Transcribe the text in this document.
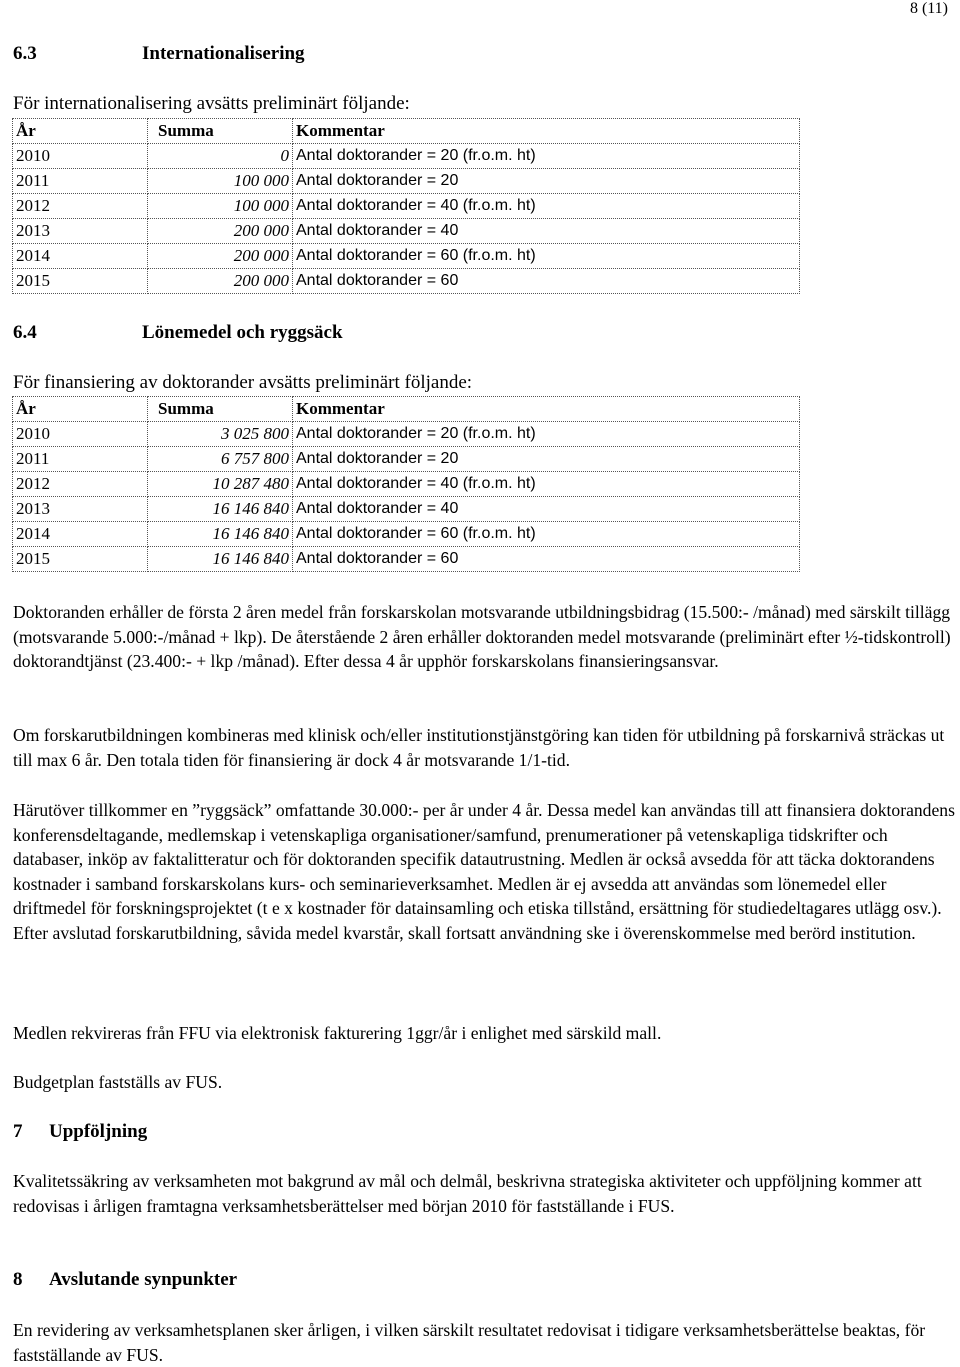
8 (11)
6.3	Internationalisering
För internationalisering avsätts preliminärt följande:
År	Summa	Kommentar
2010	0	Antal doktorander = 20 (fr.o.m. ht)
2011	100 000	Antal doktorander = 20
2012	100 000	Antal doktorander = 40 (fr.o.m. ht)
2013	200 000	Antal doktorander = 40
2014	200 000	Antal doktorander = 60 (fr.o.m. ht)
2015	200 000	Antal doktorander = 60
6.4	Lönemedel och ryggsäck
För finansiering av doktorander avsätts preliminärt följande:
År	Summa	Kommentar
2010	3 025 800	Antal doktorander = 20 (fr.o.m. ht)
2011	6 757 800	Antal doktorander = 20
2012	10 287 480	Antal doktorander = 40 (fr.o.m. ht)
2013	16 146 840	Antal doktorander = 40
2014	16 146 840	Antal doktorander = 60 (fr.o.m. ht)
2015	16 146 840	Antal doktorander = 60

Doktoranden erhåller de första 2 åren medel från forskarskolan motsvarande utbildningsbidrag (15.500:- /månad) med särskilt tillägg (motsvarande 5.000:-/månad + lkp). De återstående 2 åren erhåller doktoranden medel motsvarande (preliminärt efter ½-tidskontroll) doktorandtjänst (23.400:- + lkp /månad). Efter dessa 4 år upphör forskarskolans finansieringsansvar.

Om forskarutbildningen kombineras med klinisk och/eller institutionstjänstgöring kan tiden för utbildning på forskarnivå sträckas ut till max 6 år. Den totala tiden för finansiering är dock 4 år motsvarande 1/1-tid.

Härutöver tillkommer en ”ryggsäck” omfattande 30.000:- per år under 4 år. Dessa medel kan användas till att finansiera doktorandens konferensdeltagande, medlemskap i vetenskapliga organisationer/samfund, prenumerationer på vetenskapliga tidskrifter och databaser, inköp av faktalitteratur och för doktoranden specifik datautrustning. Medlen är också avsedda för att täcka doktorandens kostnader i samband forskarskolans kurs- och seminarieverksamhet. Medlen är ej avsedda att användas som lönemedel eller driftmedel för forskningsprojektet (t e x kostnader för datainsamling och etiska tillstånd, ersättning för studiedeltagares utlägg osv.). Efter avslutad forskarutbildning, såvida medel kvarstår, skall fortsatt användning ske i överenskommelse med berörd institution.

Medlen rekvireras från FFU via elektronisk fakturering 1ggr/år i enlighet med särskild mall.

Budgetplan fastställs av FUS.

7 Uppföljning

Kvalitetssäkring av verksamheten mot bakgrund av mål och delmål, beskrivna strategiska aktiviteter och uppföljning kommer att redovisas i årligen framtagna verksamhetsberättelser med början 2010 för fastställande i FUS.

8 Avslutande synpunkter

En revidering av verksamhetsplanen sker årligen, i vilken särskilt resultatet redovisat i tidigare verksamhetsberättelse beaktas, för fastställande av FUS.
